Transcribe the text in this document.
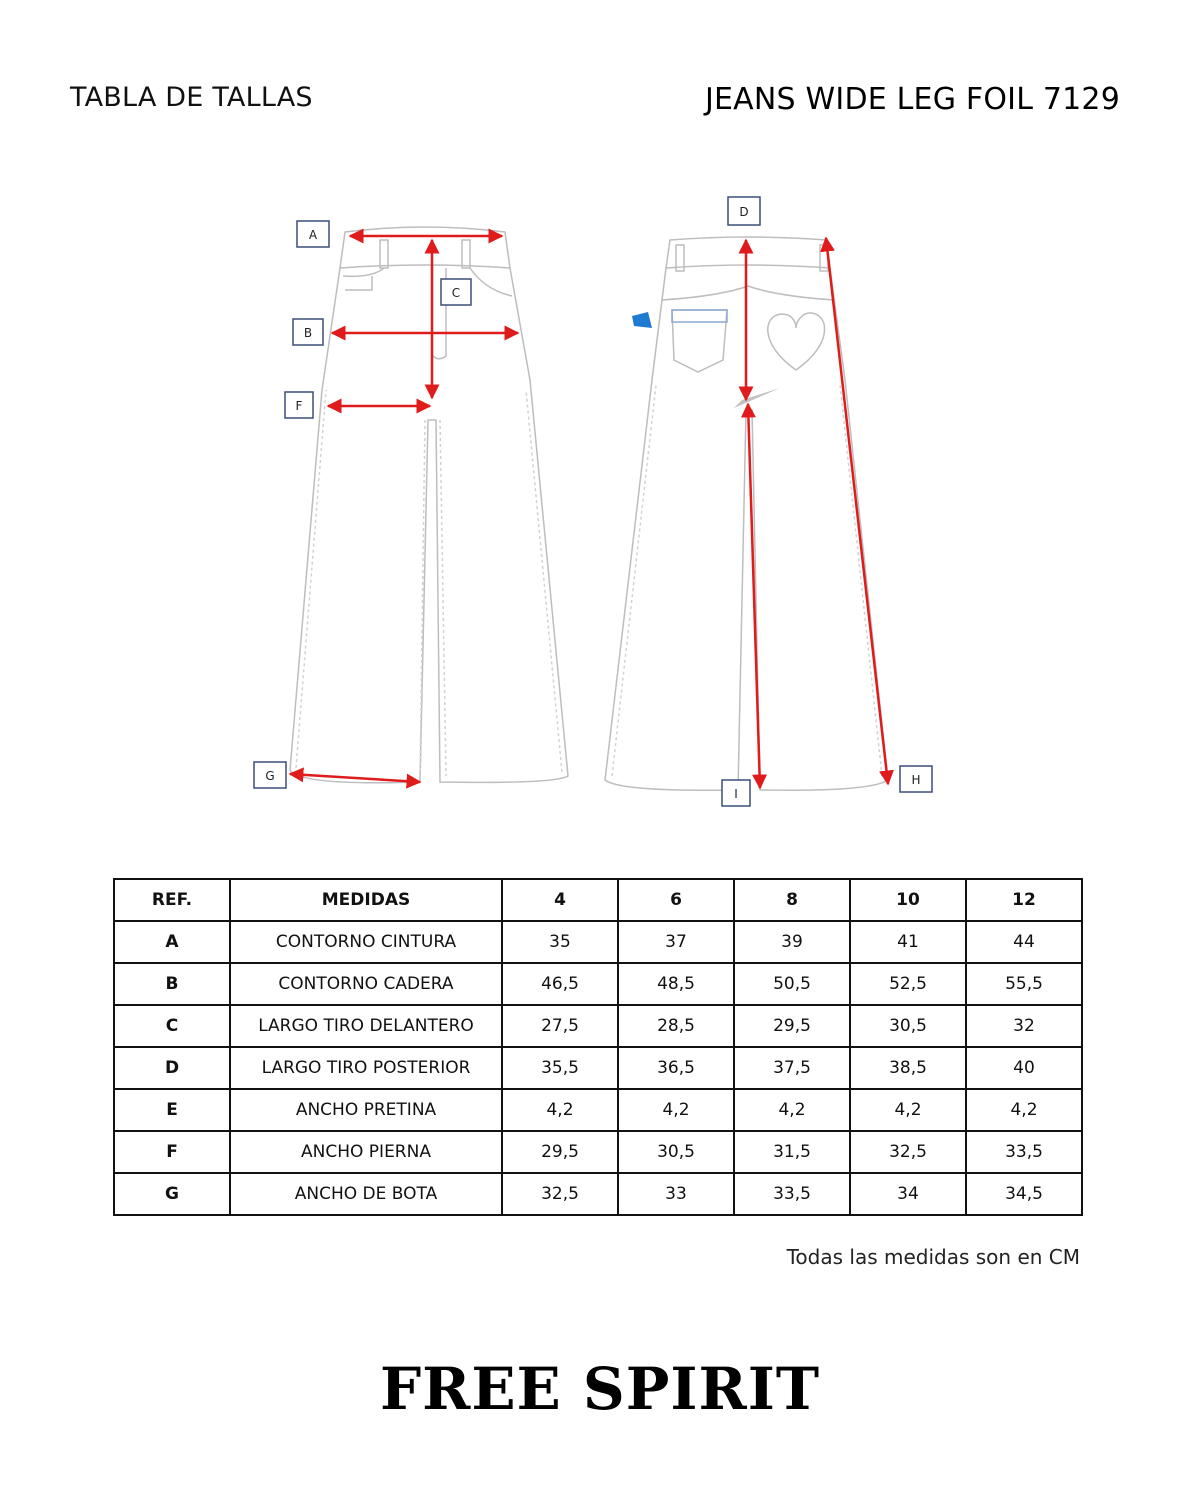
TABLA DE TALLAS	JEANS WIDE LEG FOIL 7129
A
B
C
D
F
G	H
I
REF.	MEDIDAS	4	6	8	10	12
A	CONTORNO CINTURA	35	37	39	41	44
B	CONTORNO CADERA	46,5	48,5	50,5	52,5	55,5
C	LARGO TIRO DELANTERO	27,5	28,5	29,5	30,5	32
D	LARGO TIRO POSTERIOR	35,5	36,5	37,5	38,5	40
E	ANCHO PRETINA	4,2	4,2	4,2	4,2	4,2
F	ANCHO PIERNA	29,5	30,5	31,5	32,5	33,5
G	ANCHO DE BOTA	32,5	33	33,5	34	34,5
Todas las medidas son en CM
FREE SPIRIT
